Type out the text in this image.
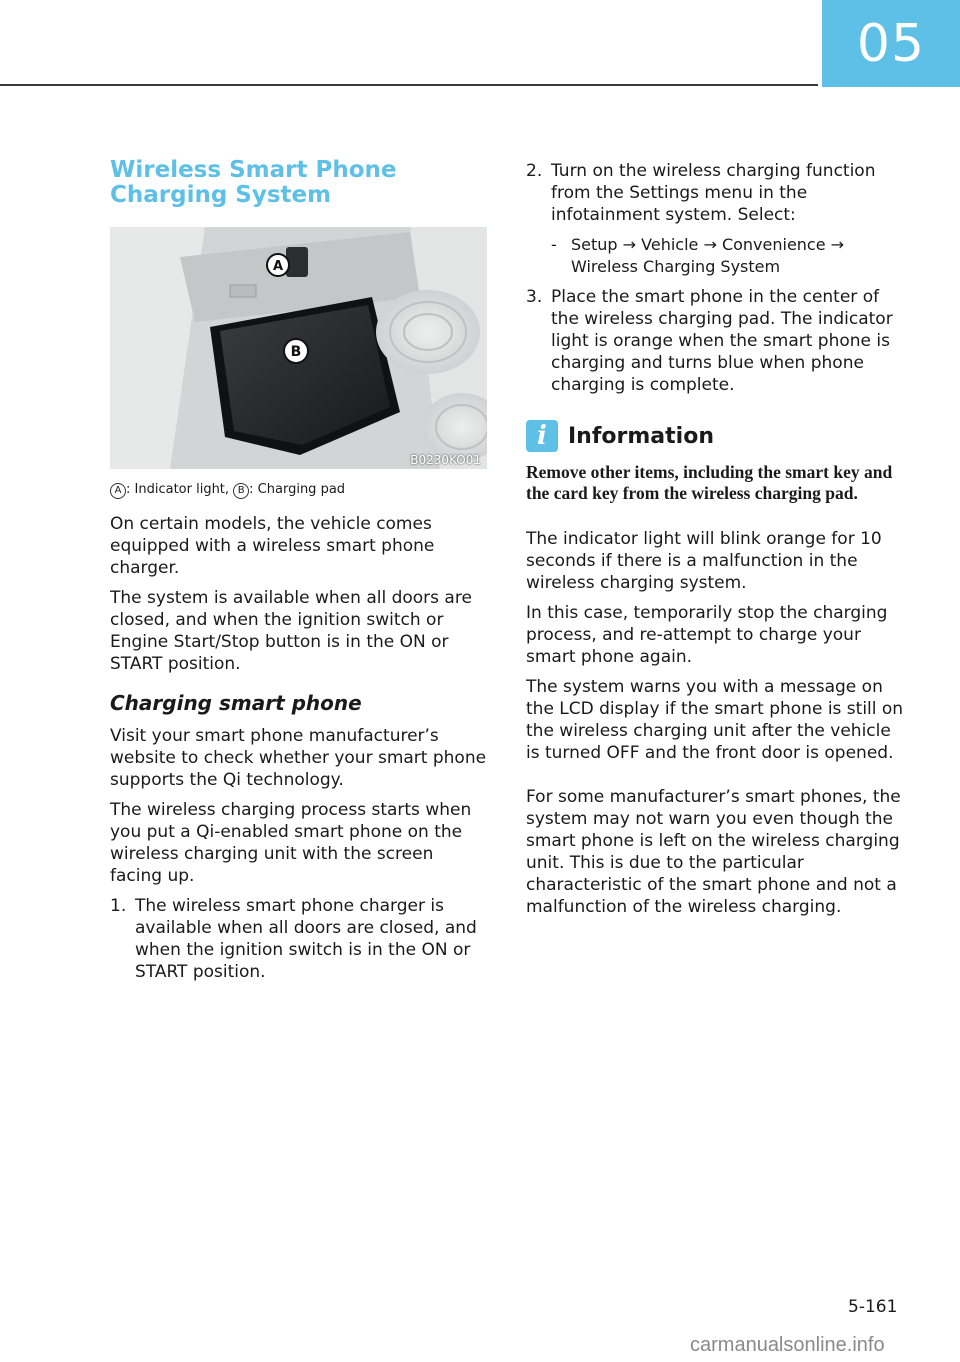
05
Wireless Smart Phone Charging System
A
B
B0230KO01
A : Indicator light, B : Charging pad

On certain models, the vehicle comes equipped with a wireless smart phone charger.

The system is available when all doors are closed, and when the ignition switch or Engine Start/Stop button is in the ON or START position.

Charging smart phone

Visit your smart phone manufacturer’s website to check whether your smart phone supports the Qi technology.

The wireless charging process starts when you put a Qi-enabled smart phone on the wireless charging unit with the screen facing up.

1. The wireless smart phone charger is available when all doors are closed, and when the ignition switch is in the ON or START position.
2. Turn on the wireless charging function from the Settings menu in the infotainment system. Select:
- Setup → Vehicle → Convenience → Wireless Charging System
3. Place the smart phone in the center of the wireless charging pad. The indicator light is orange when the smart phone is charging and turns blue when phone charging is complete.
i Information

Remove other items, including the smart key and the card key from the wireless charging pad.

The indicator light will blink orange for 10 seconds if there is a malfunction in the wireless charging system.

In this case, temporarily stop the charging process, and re-attempt to charge your smart phone again.

The system warns you with a message on the LCD display if the smart phone is still on the wireless charging unit after the vehicle is turned OFF and the front door is opened.

For some manufacturer’s smart phones, the system may not warn you even though the smart phone is left on the wireless charging unit. This is due to the particular characteristic of the smart phone and not a malfunction of the wireless charging.

5-161
carmanualsonline.info
